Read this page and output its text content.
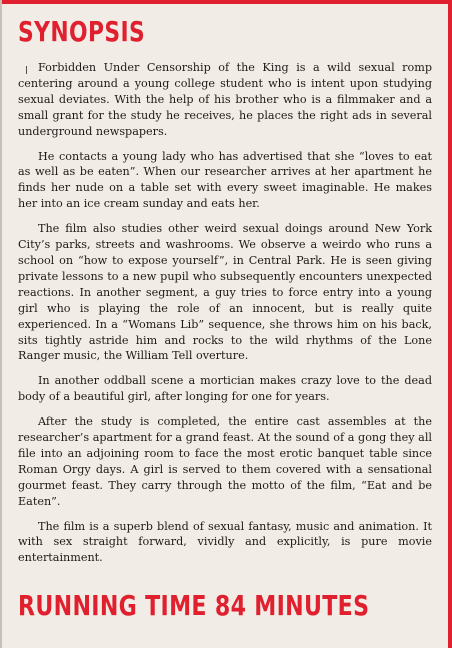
SYNOPSIS

Forbidden Under Censorship of the King is a wild sexual romp centering around a young college student who is intent upon studying sexual deviates. With the help of his brother who is a filmmaker and a small grant for the study he receives, he places the right ads in several underground newspapers.

He contacts a young lady who has advertised that she “loves to eat as well as be eaten”. When our researcher arrives at her apartment he finds her nude on a table set with every sweet imaginable. He makes her into an ice cream sunday and eats her.

The film also studies other weird sexual doings around New York City’s parks, streets and washrooms. We observe a weirdo who runs a school on “how to expose yourself”, in Central Park. He is seen giving private lessons to a new pupil who subsequently encounters unexpected reactions. In another segment, a guy tries to force entry into a young girl who is playing the role of an innocent, but is really quite experienced. In a “Womans Lib” sequence, she throws him on his back, sits tightly astride him and rocks to the wild rhythms of the Lone Ranger music, the William Tell overture.

In another oddball scene a mortician makes crazy love to the dead body of a beautiful girl, after longing for one for years.

After the study is completed, the entire cast assembles at the researcher’s apartment for a grand feast. At the sound of a gong they all file into an adjoining room to face the most erotic banquet table since Roman Orgy days. A girl is served to them covered with a sensational gourmet feast. They carry through the motto of the film, “Eat and be Eaten”.

The film is a superb blend of sexual fantasy, music and animation. It with sex straight forward, vividly and explicitly, is pure movie entertainment.

RUNNING TIME 84 MINUTES
